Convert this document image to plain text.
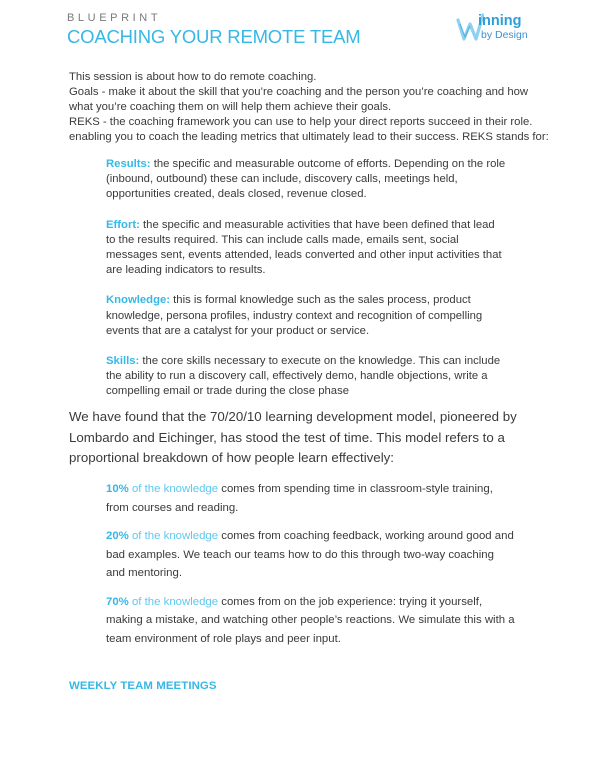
BLUEPRINT
COACHING YOUR REMOTE TEAM
inning
by Design

This session is about how to do remote coaching.

Goals - make it about the skill that you’re coaching and the person you’re coaching and how what you’re coaching them on will help them achieve their goals.

REKS - the coaching framework you can use to help your direct reports succeed in their role. enabling you to coach the leading metrics that ultimately lead to their success. REKS stands for:

Results: the specific and measurable outcome of efforts. Depending on the role (inbound, outbound) these can include, discovery calls, meetings held, opportunities created, deals closed, revenue closed.
Effort: the specific and measurable activities that have been defined that lead to the results required. This can include calls made, emails sent, social messages sent, events attended, leads converted and other input activities that are leading indicators to results.
Knowledge: this is formal knowledge such as the sales process, product knowledge, persona profiles, industry context and recognition of compelling events that are a catalyst for your product or service.
Skills: the core skills necessary to execute on the knowledge. This can include the ability to run a discovery call, effectively demo, handle objections, write a compelling email or trade during the close phase

We have found that the 70/20/10 learning development model, pioneered by Lombardo and Eichinger, has stood the test of time. This model refers to a proportional breakdown of how people learn effectively:

10% of the knowledge comes from spending time in classroom-style training, from courses and reading.
20% of the knowledge comes from coaching feedback, working around good and bad examples. We teach our teams how to do this through two-way coaching and mentoring.
70% of the knowledge comes from on the job experience: trying it yourself, making a mistake, and watching other people’s reactions. We simulate this with a team environment of role plays and peer input.
WEEKLY TEAM MEETINGS
